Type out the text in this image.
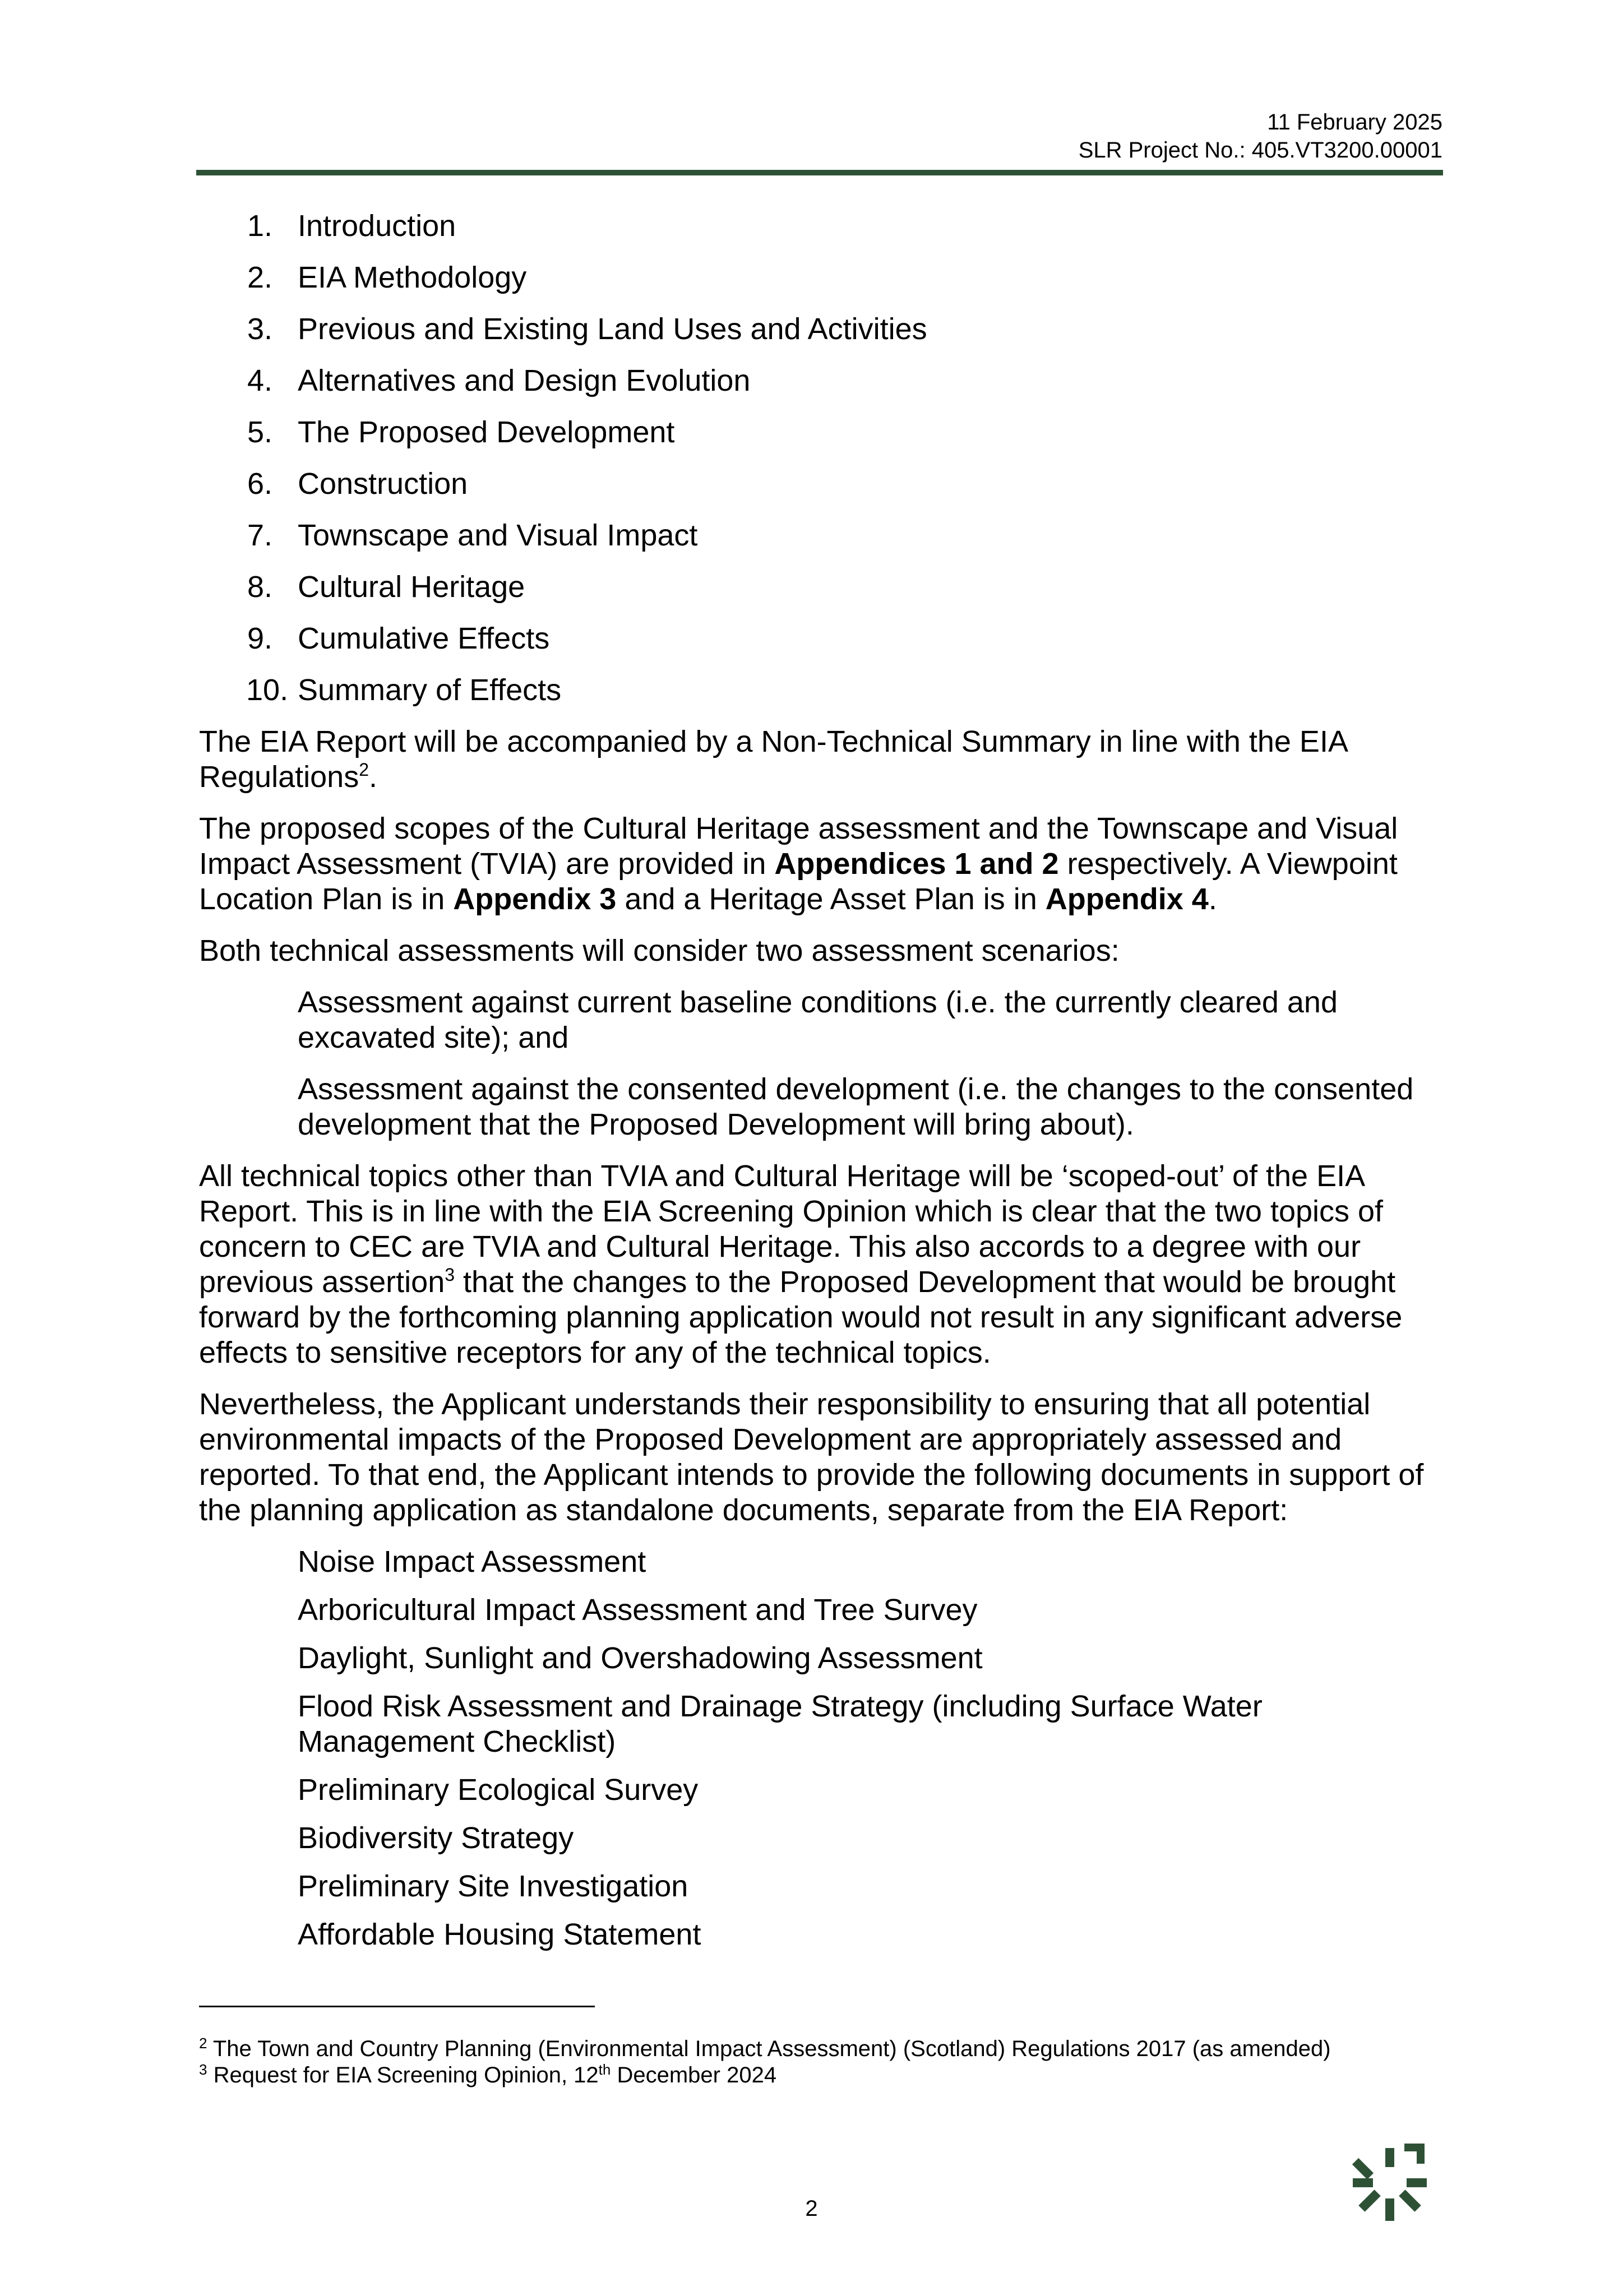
11 February 2025
SLR Project No.: 405.VT3200.00001
1. Introduction
2. EIA Methodology
3. Previous and Existing Land Uses and Activities
4. Alternatives and Design Evolution
5. The Proposed Development
6. Construction
7. Townscape and Visual Impact
8. Cultural Heritage
9. Cumulative Effects
10. Summary of Effects

The EIA Report will be accompanied by a Non-Technical Summary in line with the EIA Regulations$^2$.

The proposed scopes of the Cultural Heritage assessment and the Townscape and Visual Impact Assessment (TVIA) are provided in Appendices 1 and 2 respectively. A Viewpoint Location Plan is in Appendix 3 and a Heritage Asset Plan is in Appendix 4.

Both technical assessments will consider two assessment scenarios:

Assessment against current baseline conditions (i.e. the currently cleared and excavated site); and

Assessment against the consented development (i.e. the changes to the consented development that the Proposed Development will bring about).

All technical topics other than TVIA and Cultural Heritage will be ‘scoped-out’ of the EIA Report. This is in line with the EIA Screening Opinion which is clear that the two topics of concern to CEC are TVIA and Cultural Heritage. This also accords to a degree with our previous assertion$^3$ that the changes to the Proposed Development that would be brought forward by the forthcoming planning application would not result in any significant adverse effects to sensitive receptors for any of the technical topics.

Nevertheless, the Applicant understands their responsibility to ensuring that all potential environmental impacts of the Proposed Development are appropriately assessed and reported. To that end, the Applicant intends to provide the following documents in support of the planning application as standalone documents, separate from the EIA Report:

Noise Impact Assessment
Arboricultural Impact Assessment and Tree Survey
Daylight, Sunlight and Overshadowing Assessment
Flood Risk Assessment and Drainage Strategy (including Surface Water Management Checklist)
Preliminary Ecological Survey
Biodiversity Strategy
Preliminary Site Investigation
Affordable Housing Statement

$^2$ The Town and Country Planning (Environmental Impact Assessment) (Scotland) Regulations 2017 (as amended)

$^3$ Request for EIA Screening Opinion, 12th December 2024

2
